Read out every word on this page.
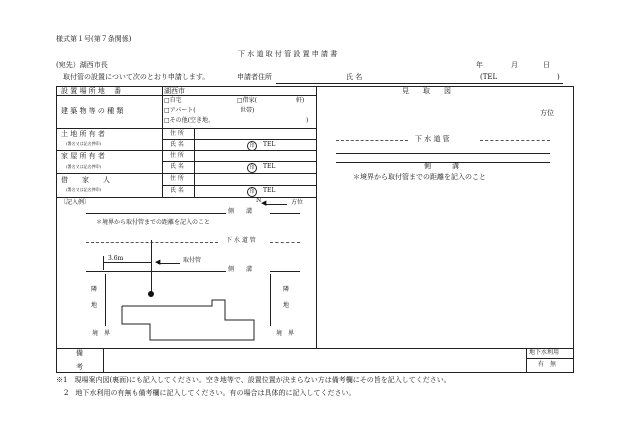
様式第１号(第７条関係)
下 水 道 取 付 管 設 置 申 請 書
(宛先）湖西市長	年	月	日
取付管の設置について次のとおり申請します。	申請者住所	氏 名	(TEL	)
設 置 場 所 地　 番	湖西市
建 築 物 等 の 種 類
□自宅	□借家(	軒)
□アパート(	世帯)
□その他(空き地、	)
土 地 所 有 者
(署名又は記名押印)
住 所
氏 名	印	TEL
家 屋 所 有 者
(署名又は記名押印)
住 所
氏 名	印	TEL
借　　家　　人
(署名又は記名押印)
住 所
氏 名	印	TEL
見　　取　　図
方位
下 水 道 管
側　　　溝
＊境界から取付管までの距離を記入のこと
〔記入例〕	N ◀	方位
側　　溝
＊境界から取付管までの距離を記入のこと
下 水 道 管
3.6m	◀	取付管
側　　溝
隣
地
隣
地
境　界	境　界
備
考
地下水利用
有　無
※1　現場案内図(裏面)にも記入してください。空き地等で、設置位置が決まらない方は備考欄にその旨を記入してください。
2　地下水利用の有無も備考欄に記入してください。有の場合は具体的に記入してください。
